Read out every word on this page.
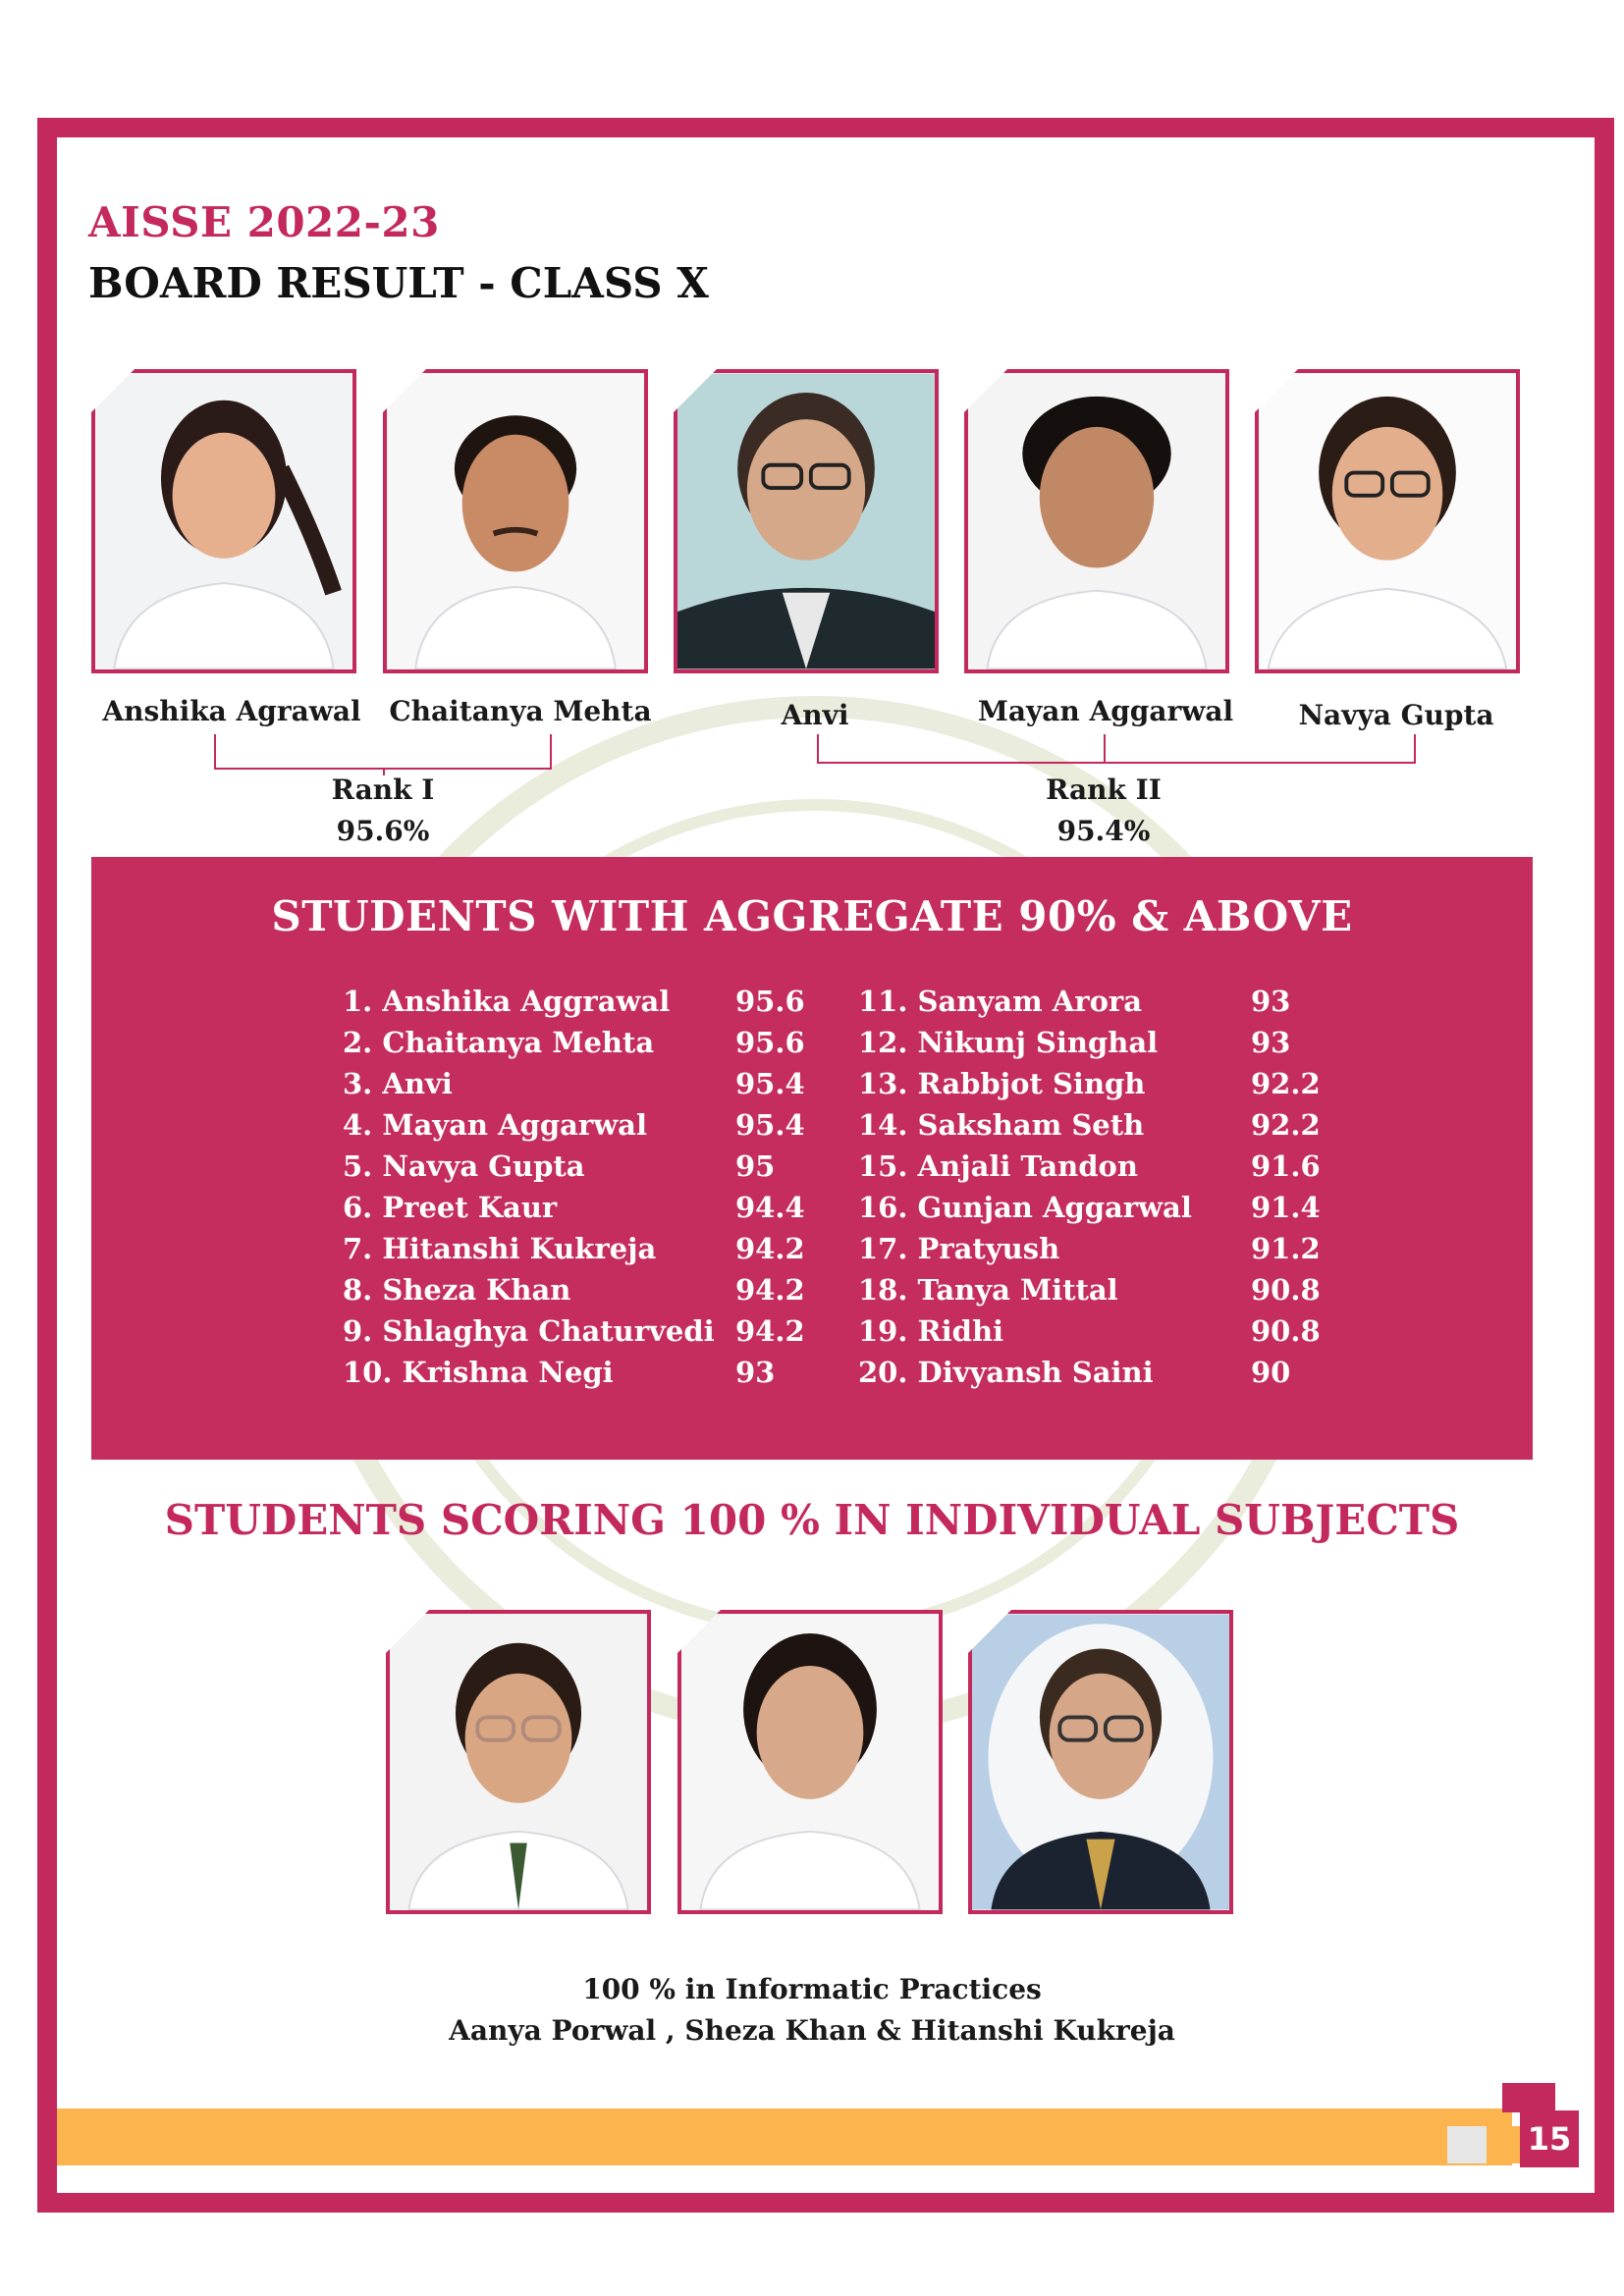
AISSE 2022-23
BOARD RESULT - CLASS X
Anshika Agrawal	Chaitanya Mehta	Anvi	Mayan Aggarwal	Navya Gupta
Rank I
95.6%
Rank II
95.4%
STUDENTS WITH AGGREGATE 90% & ABOVE
1. Anshika Aggrawal 95.6
2. Chaitanya Mehta	95.6
3. Anvi	95.4
4. Mayan Aggarwal	95.4
5. Navya Gupta	95
6. Preet Kaur	94.4
7. Hitanshi Kukreja	94.2
8. Sheza Khan	94.2
9. Shlaghya Chaturvedi 94.2
10. Krishna Negi	93
11. Sanyam Arora	93
12. Nikunj Singhal	93
13. Rabbjot Singh	92.2
14. Saksham Seth	92.2
15. Anjali Tandon	91.6
16. Gunjan Aggarwal 91.4
17. Pratyush	91.2
18. Tanya Mittal	90.8
19. Ridhi	90.8
20. Divyansh Saini	90
STUDENTS SCORING 100 % IN INDIVIDUAL SUBJECTS
100 % in Informatic Practices
Aanya Porwal , Sheza Khan & Hitanshi Kukreja
15
